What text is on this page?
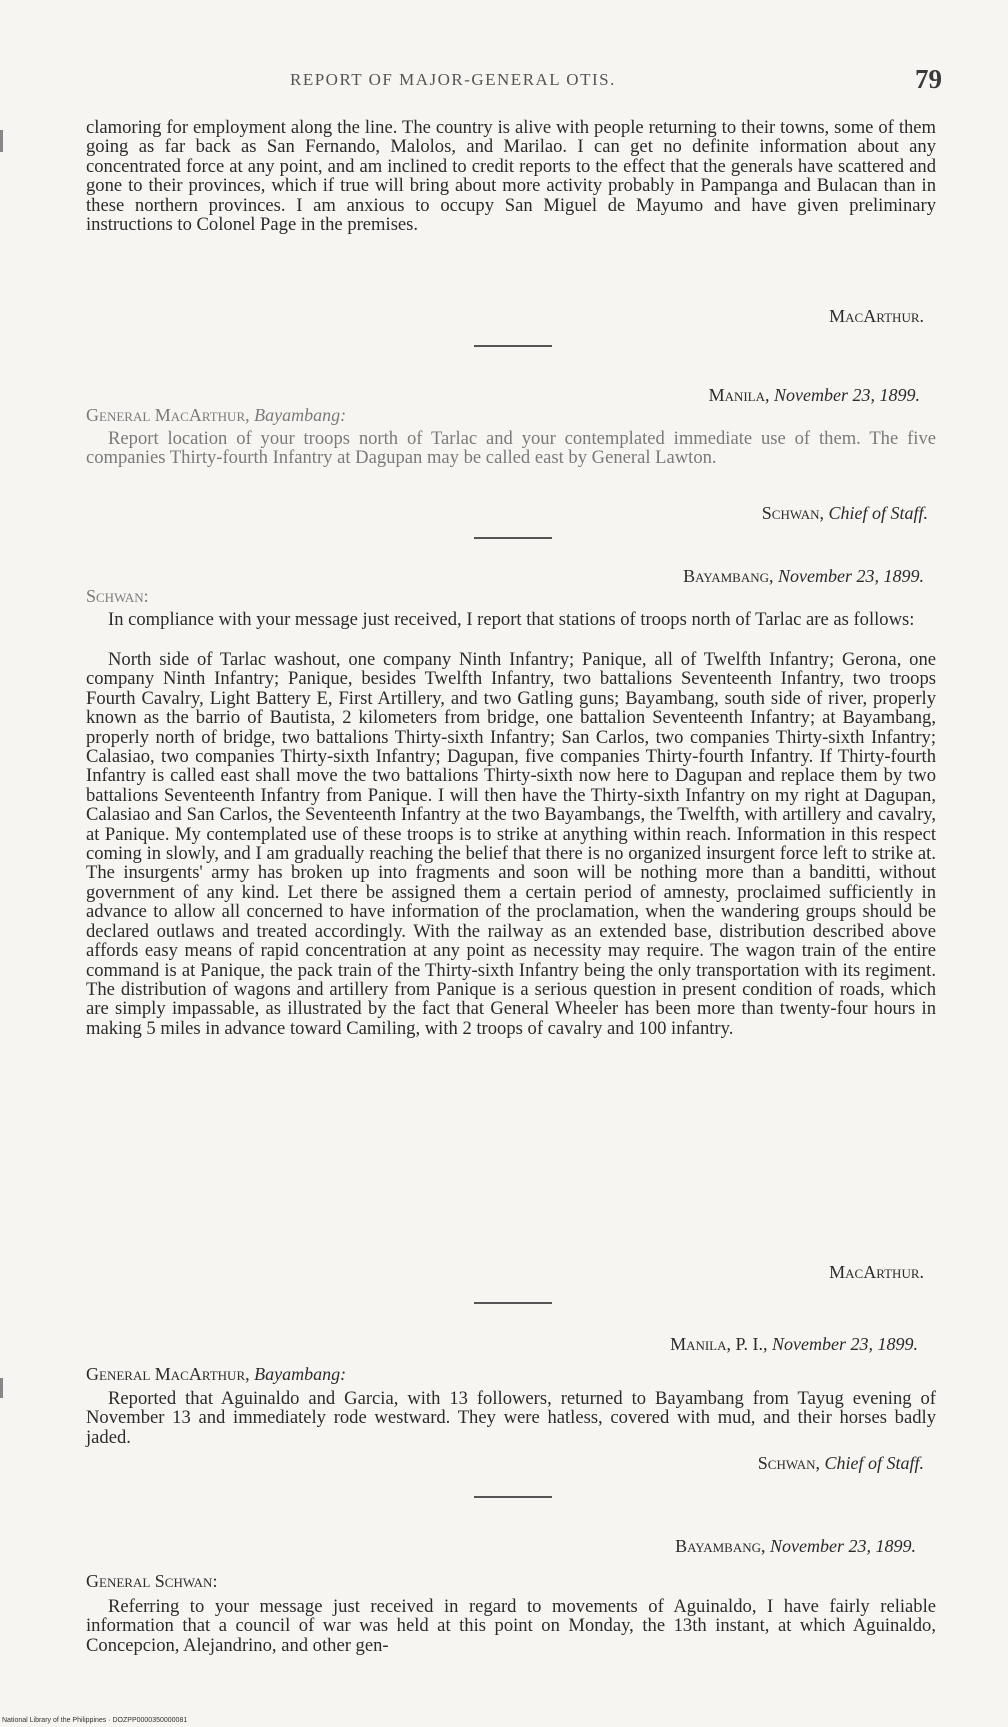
REPORT OF MAJOR-GENERAL OTIS.	79
clamoring for employment along the line. The country is alive with people returning to their towns, some of them going as far back as San Fernando, Malolos, and Marilao. I can get no definite information about any concentrated force at any point, and am inclined to credit reports to the effect that the generals have scattered and gone to their provinces, which if true will bring about more activity probably in Pampanga and Bulacan than in these northern provinces. I am anxious to occupy San Miguel de Mayumo and have given preliminary instructions to Colonel Page in the premises.
MacArthur.
Manila, November 23, 1899.
General MacArthur, Bayambang:
Report location of your troops north of Tarlac and your contemplated immediate use of them. The five companies Thirty-fourth Infantry at Dagupan may be called east by General Lawton.
Schwan, Chief of Staff.
Bayambang, November 23, 1899.
Schwan:
In compliance with your message just received, I report that stations of troops north of Tarlac are as follows:
North side of Tarlac washout, one company Ninth Infantry; Panique, all of Twelfth Infantry; Gerona, one company Ninth Infantry; Panique, besides Twelfth Infantry, two battalions Seventeenth Infantry, two troops Fourth Cavalry, Light Battery E, First Artillery, and two Gatling guns; Bayambang, south side of river, properly known as the barrio of Bautista, 2 kilometers from bridge, one battalion Seventeenth Infantry; at Bayambang, properly north of bridge, two battalions Thirty-sixth Infantry; San Carlos, two companies Thirty-sixth Infantry; Calasiao, two companies Thirty-sixth Infantry; Dagupan, five companies Thirty-fourth Infantry. If Thirty-fourth Infantry is called east shall move the two battalions Thirty-sixth now here to Dagupan and replace them by two battalions Seventeenth Infantry from Panique. I will then have the Thirty-sixth Infantry on my right at Dagupan, Calasiao and San Carlos, the Seventeenth Infantry at the two Bayambangs, the Twelfth, with artillery and cavalry, at Panique. My contemplated use of these troops is to strike at anything within reach. Information in this respect coming in slowly, and I am gradually reaching the belief that there is no organized insurgent force left to strike at. The insurgents' army has broken up into fragments and soon will be nothing more than a banditti, without government of any kind. Let there be assigned them a certain period of amnesty, proclaimed sufficiently in advance to allow all concerned to have information of the proclamation, when the wandering groups should be declared outlaws and treated accordingly. With the railway as an extended base, distribution described above affords easy means of rapid concentration at any point as necessity may require. The wagon train of the entire command is at Panique, the pack train of the Thirty-sixth Infantry being the only transportation with its regiment. The distribution of wagons and artillery from Panique is a serious question in present condition of roads, which are simply impassable, as illustrated by the fact that General Wheeler has been more than twenty-four hours in making 5 miles in advance toward Camiling, with 2 troops of cavalry and 100 infantry.
MacArthur.
Manila, P. I., November 23, 1899.
General MacArthur, Bayambang:
Reported that Aguinaldo and Garcia, with 13 followers, returned to Bayambang from Tayug evening of November 13 and immediately rode westward. They were hatless, covered with mud, and their horses badly jaded.
Schwan, Chief of Staff.
Bayambang, November 23, 1899.
General Schwan:
Referring to your message just received in regard to movements of Aguinaldo, I have fairly reliable information that a council of war was held at this point on Monday, the 13th instant, at which Aguinaldo, Concepcion, Alejandrino, and other gen-
National Library of the Philippines · DOZPP0000350000081
